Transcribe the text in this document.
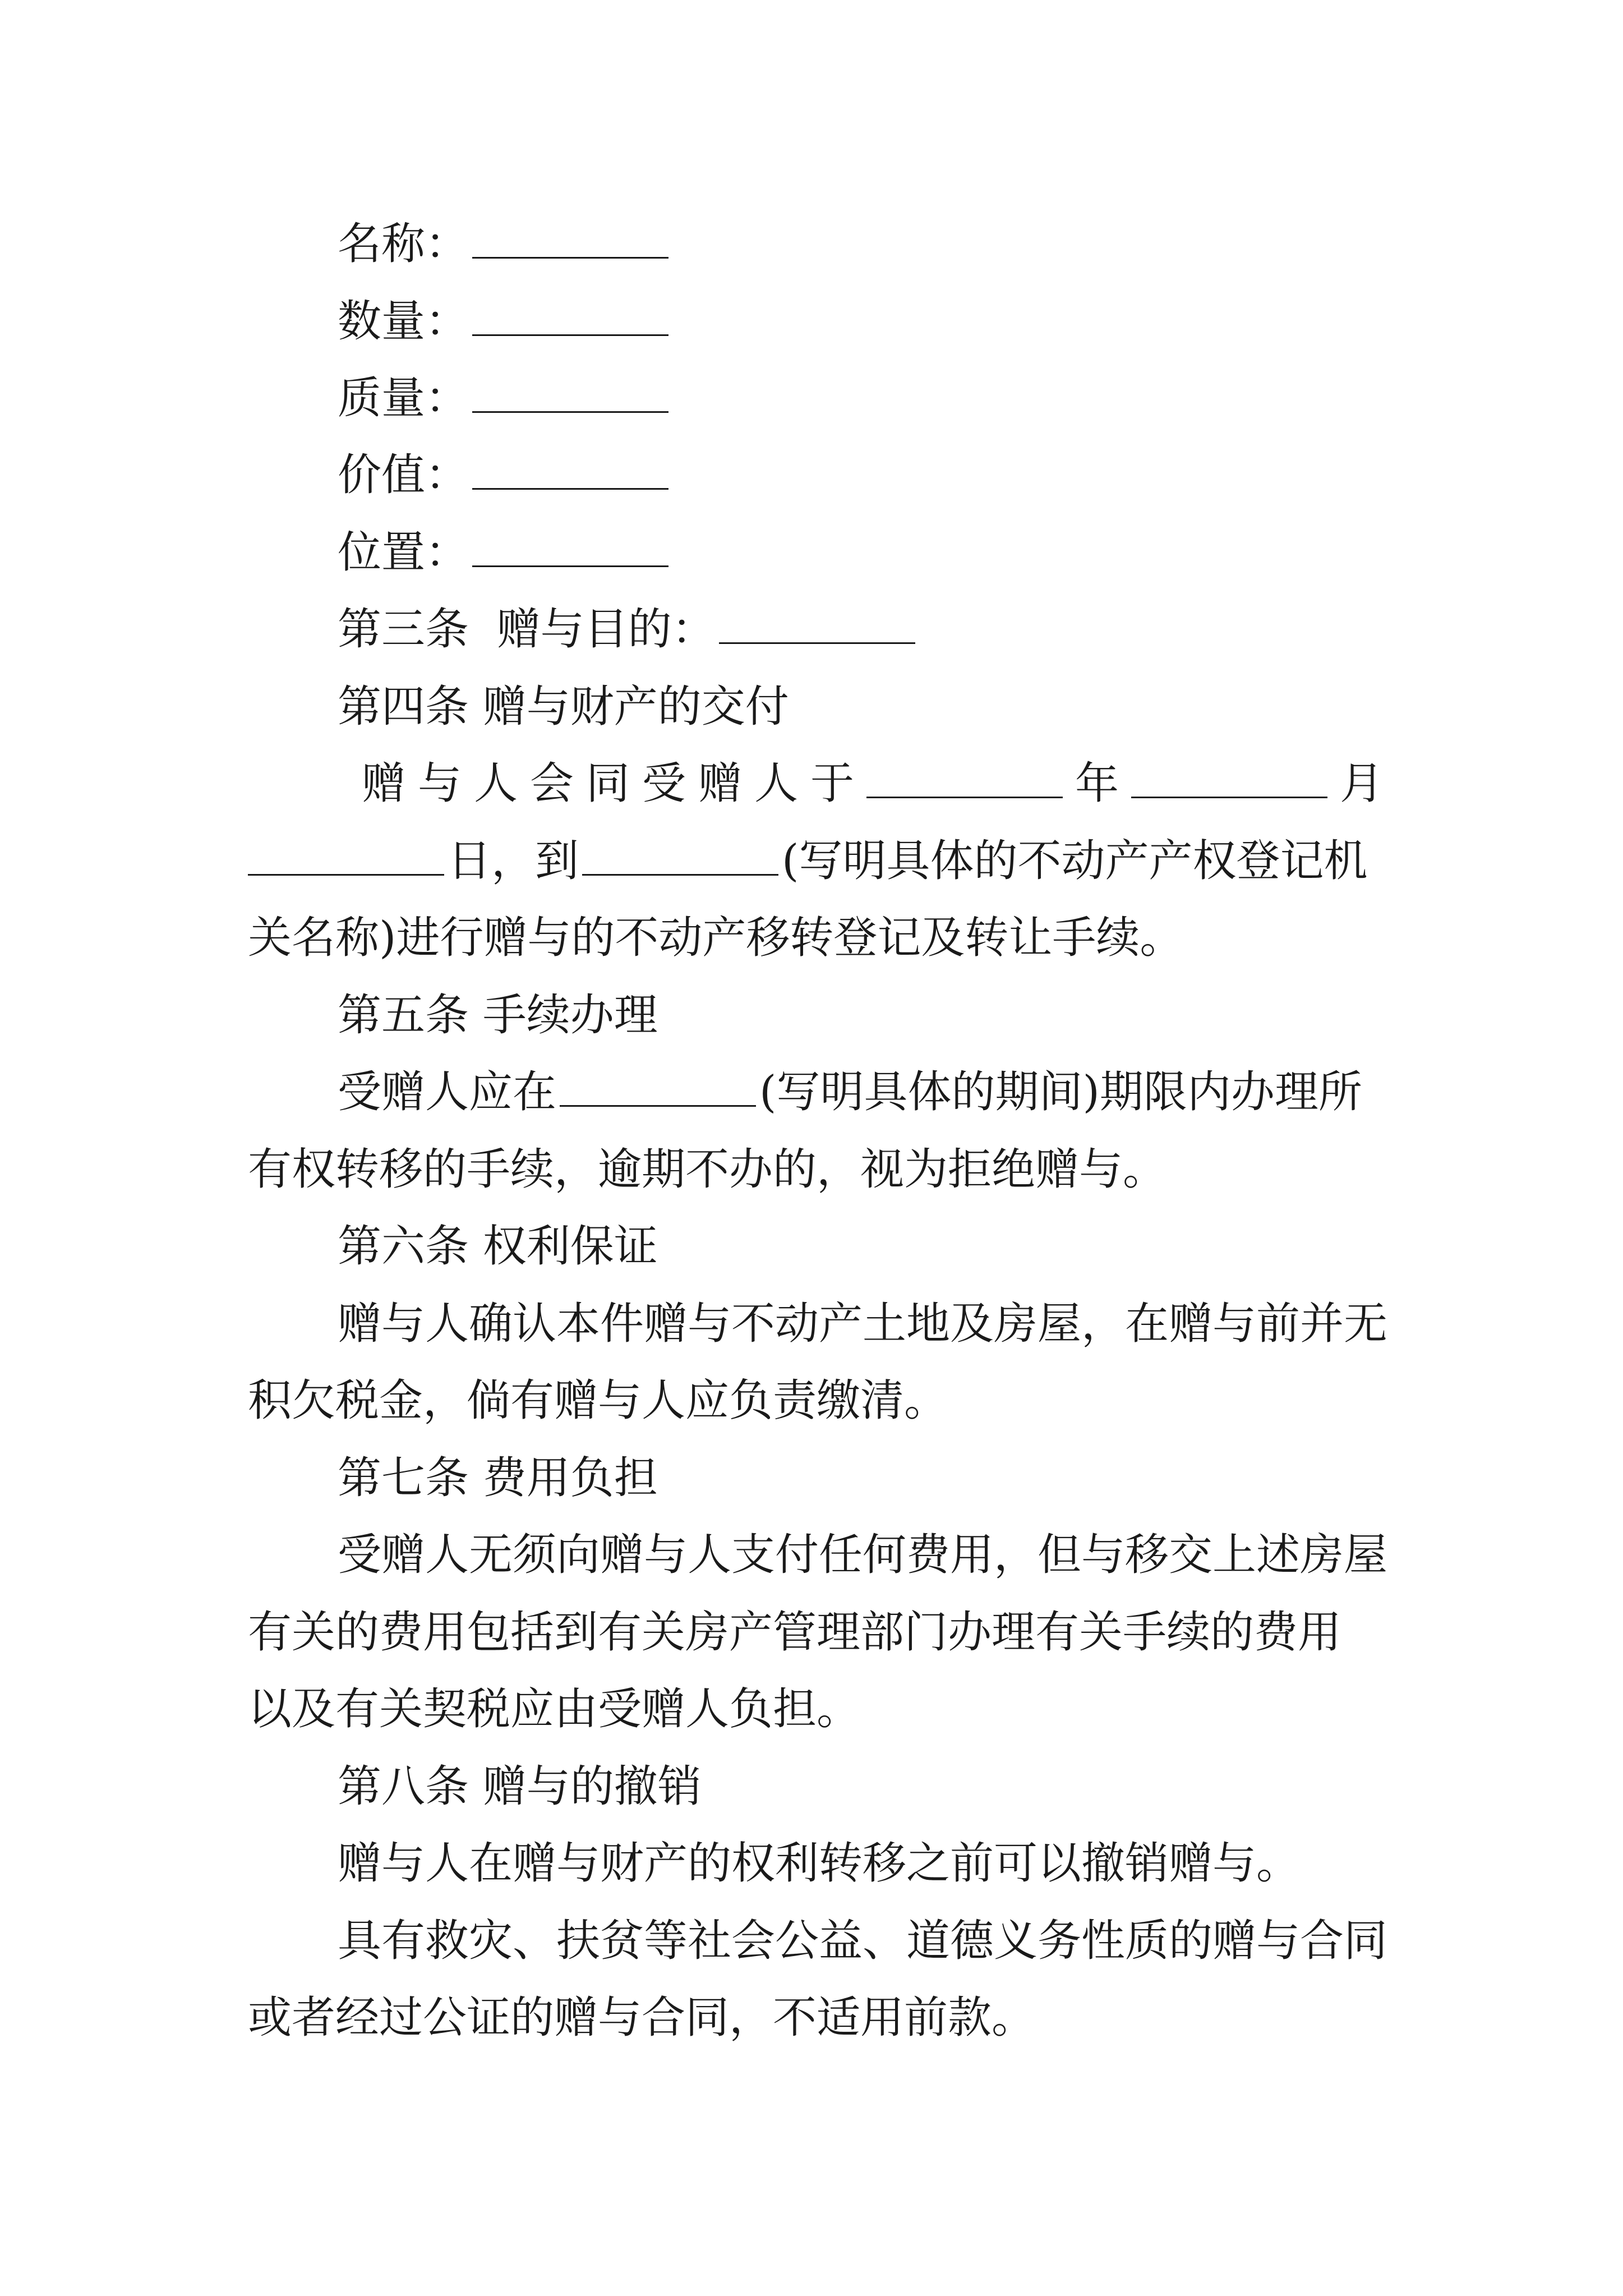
名称：
数量：
质量：
价值：
位置：
第三条  赠与目的：
第四条 赠与财产的交付
赠 与 人 会 同 受 赠 人 于	年	月
日，到	(写明具体的不动产产权登记机
关名称)进行赠与的不动产移转登记及转让手续。
第五条 手续办理
受赠人应在	(写明具体的期间)期限内办理所
有权转移的手续，逾期不办的，视为拒绝赠与。
第六条 权利保证
赠与人确认本件赠与不动产土地及房屋，在赠与前并无
积欠税金，倘有赠与人应负责缴清。
第七条 费用负担
受赠人无须向赠与人支付任何费用，但与移交上述房屋
有关的费用包括到有关房产管理部门办理有关手续的费用
以及有关契税应由受赠人负担。
第八条 赠与的撤销
赠与人在赠与财产的权利转移之前可以撤销赠与。
具有救灾、扶贫等社会公益、道德义务性质的赠与合同
或者经过公证的赠与合同，不适用前款。
